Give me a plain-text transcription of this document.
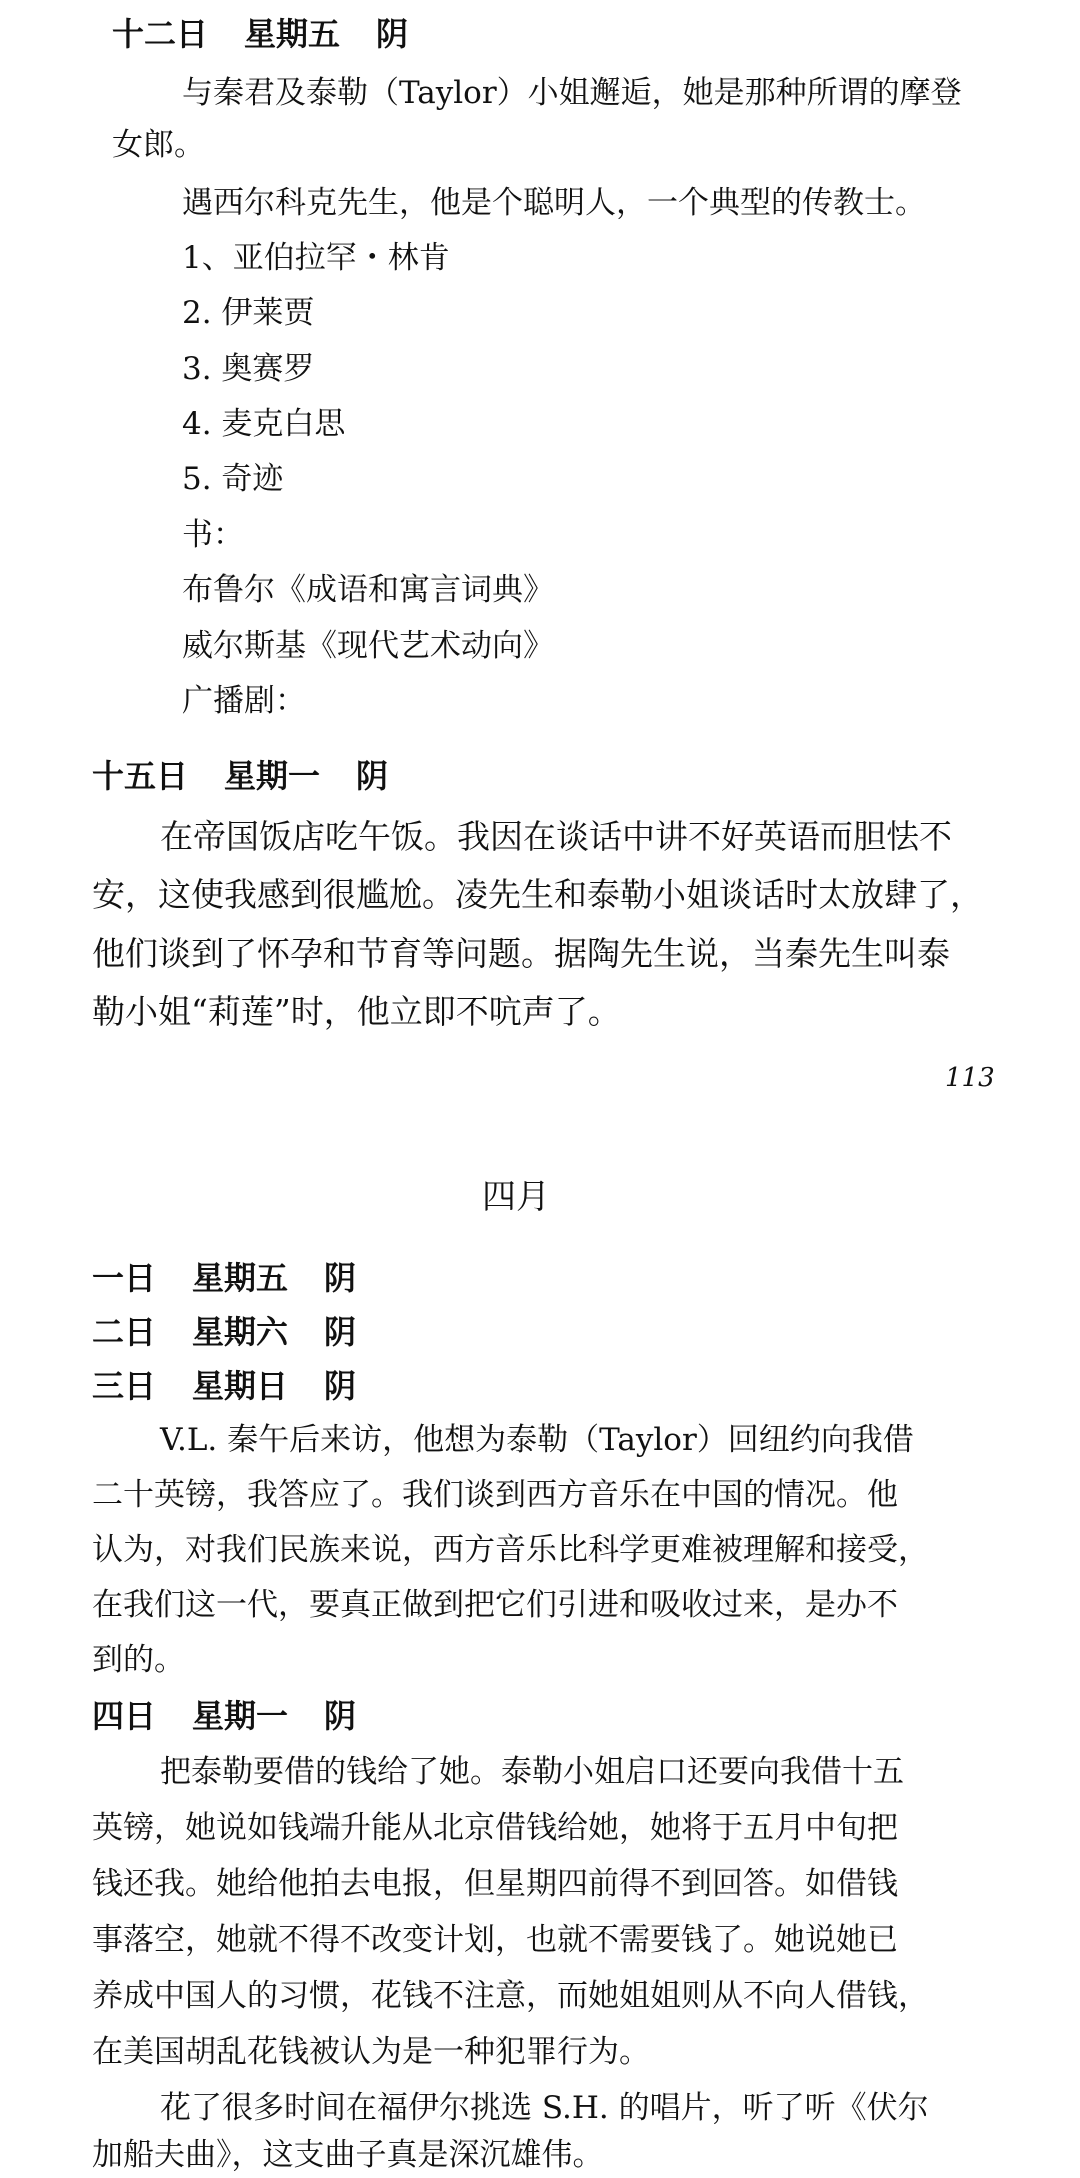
十二日 星期五 阴
与秦君及泰勒（Taylor）小姐邂逅，她是那种所谓的摩登
女郎。
遇西尔科克先生，他是个聪明人，一个典型的传教士。
1、亚伯拉罕・林肯
2. 伊莱贾
3. 奥赛罗
4. 麦克白思
5. 奇迹
书：
布鲁尔《成语和寓言词典》
威尔斯基《现代艺术动向》
广播剧：
十五日 星期一 阴
在帝国饭店吃午饭。我因在谈话中讲不好英语而胆怯不
安，这使我感到很尴尬。凌先生和泰勒小姐谈话时太放肆了，
他们谈到了怀孕和节育等问题。据陶先生说，当秦先生叫泰
勒小姐“莉莲”时，他立即不吭声了。
113
四月
一日 星期五 阴
二日 星期六 阴
三日 星期日 阴
V.L. 秦午后来访，他想为泰勒（Taylor）回纽约向我借
二十英镑，我答应了。我们谈到西方音乐在中国的情况。他
认为，对我们民族来说，西方音乐比科学更难被理解和接受，
在我们这一代，要真正做到把它们引进和吸收过来，是办不
到的。
四日 星期一 阴
把泰勒要借的钱给了她。泰勒小姐启口还要向我借十五
英镑，她说如钱端升能从北京借钱给她，她将于五月中旬把
钱还我。她给他拍去电报，但星期四前得不到回答。如借钱
事落空，她就不得不改变计划，也就不需要钱了。她说她已
养成中国人的习惯，花钱不注意，而她姐姐则从不向人借钱，
在美国胡乱花钱被认为是一种犯罪行为。
花了很多时间在福伊尔挑选 S.H. 的唱片，听了听《伏尔
加船夫曲》，这支曲子真是深沉雄伟。
